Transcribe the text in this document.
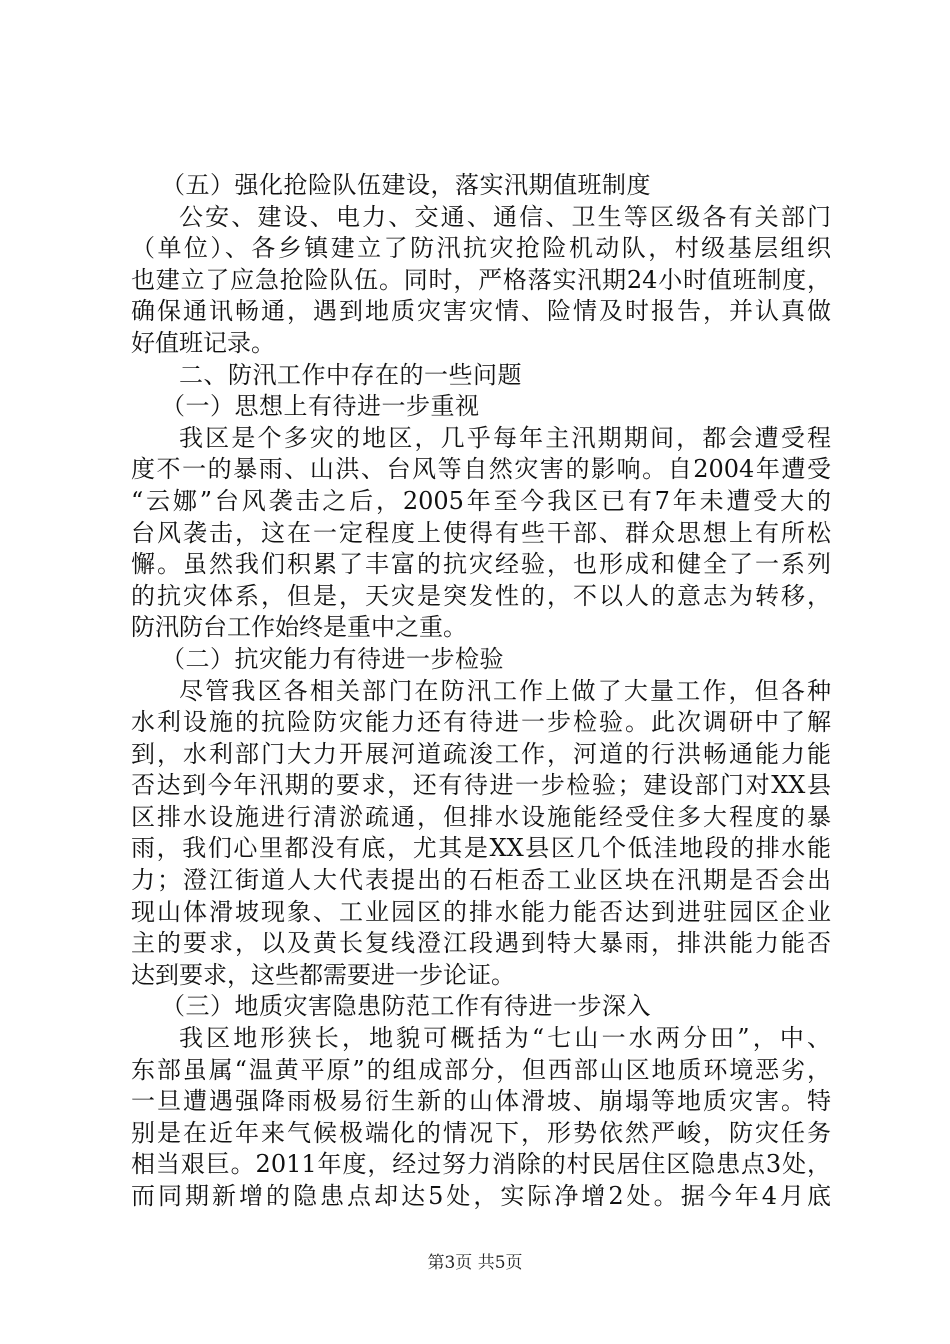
（五）强化抢险队伍建设，落实汛期值班制度
公安、建设、电力、交通、通信、卫生等区级各有关部门
（单位）、各乡镇建立了防汛抗灾抢险机动队，村级基层组织
也建立了应急抢险队伍。同时，严格落实汛期24小时值班制度，
确保通讯畅通，遇到地质灾害灾情、险情及时报告，并认真做
好值班记录。
二、防汛工作中存在的一些问题
（一）思想上有待进一步重视
我区是个多灾的地区，几乎每年主汛期期间，都会遭受程
度不一的暴雨、山洪、台风等自然灾害的影响。自2004年遭受
“云娜”台风袭击之后，2005年至今我区已有7年未遭受大的
台风袭击，这在一定程度上使得有些干部、群众思想上有所松
懈。虽然我们积累了丰富的抗灾经验，也形成和健全了一系列
的抗灾体系，但是，天灾是突发性的，不以人的意志为转移，
防汛防台工作始终是重中之重。
（二）抗灾能力有待进一步检验
尽管我区各相关部门在防汛工作上做了大量工作，但各种
水利设施的抗险防灾能力还有待进一步检验。此次调研中了解
到，水利部门大力开展河道疏浚工作，河道的行洪畅通能力能
否达到今年汛期的要求，还有待进一步检验；建设部门对XX县
区排水设施进行清淤疏通，但排水设施能经受住多大程度的暴
雨，我们心里都没有底，尤其是XX县区几个低洼地段的排水能
力；澄江街道人大代表提出的石柜岙工业区块在汛期是否会出
现山体滑坡现象、工业园区的排水能力能否达到进驻园区企业
主的要求，以及黄长复线澄江段遇到特大暴雨，排洪能力能否
达到要求，这些都需要进一步论证。
（三）地质灾害隐患防范工作有待进一步深入
我区地形狭长，地貌可概括为“七山一水两分田”，中、
东部虽属“温黄平原”的组成部分，但西部山区地质环境恶劣，
一旦遭遇强降雨极易衍生新的山体滑坡、崩塌等地质灾害。特
别是在近年来气候极端化的情况下，形势依然严峻，防灾任务
相当艰巨。2011年度，经过努力消除的村民居住区隐患点3处，
而同期新增的隐患点却达5处，实际净增2处。据今年4月底
第3页 共5页
